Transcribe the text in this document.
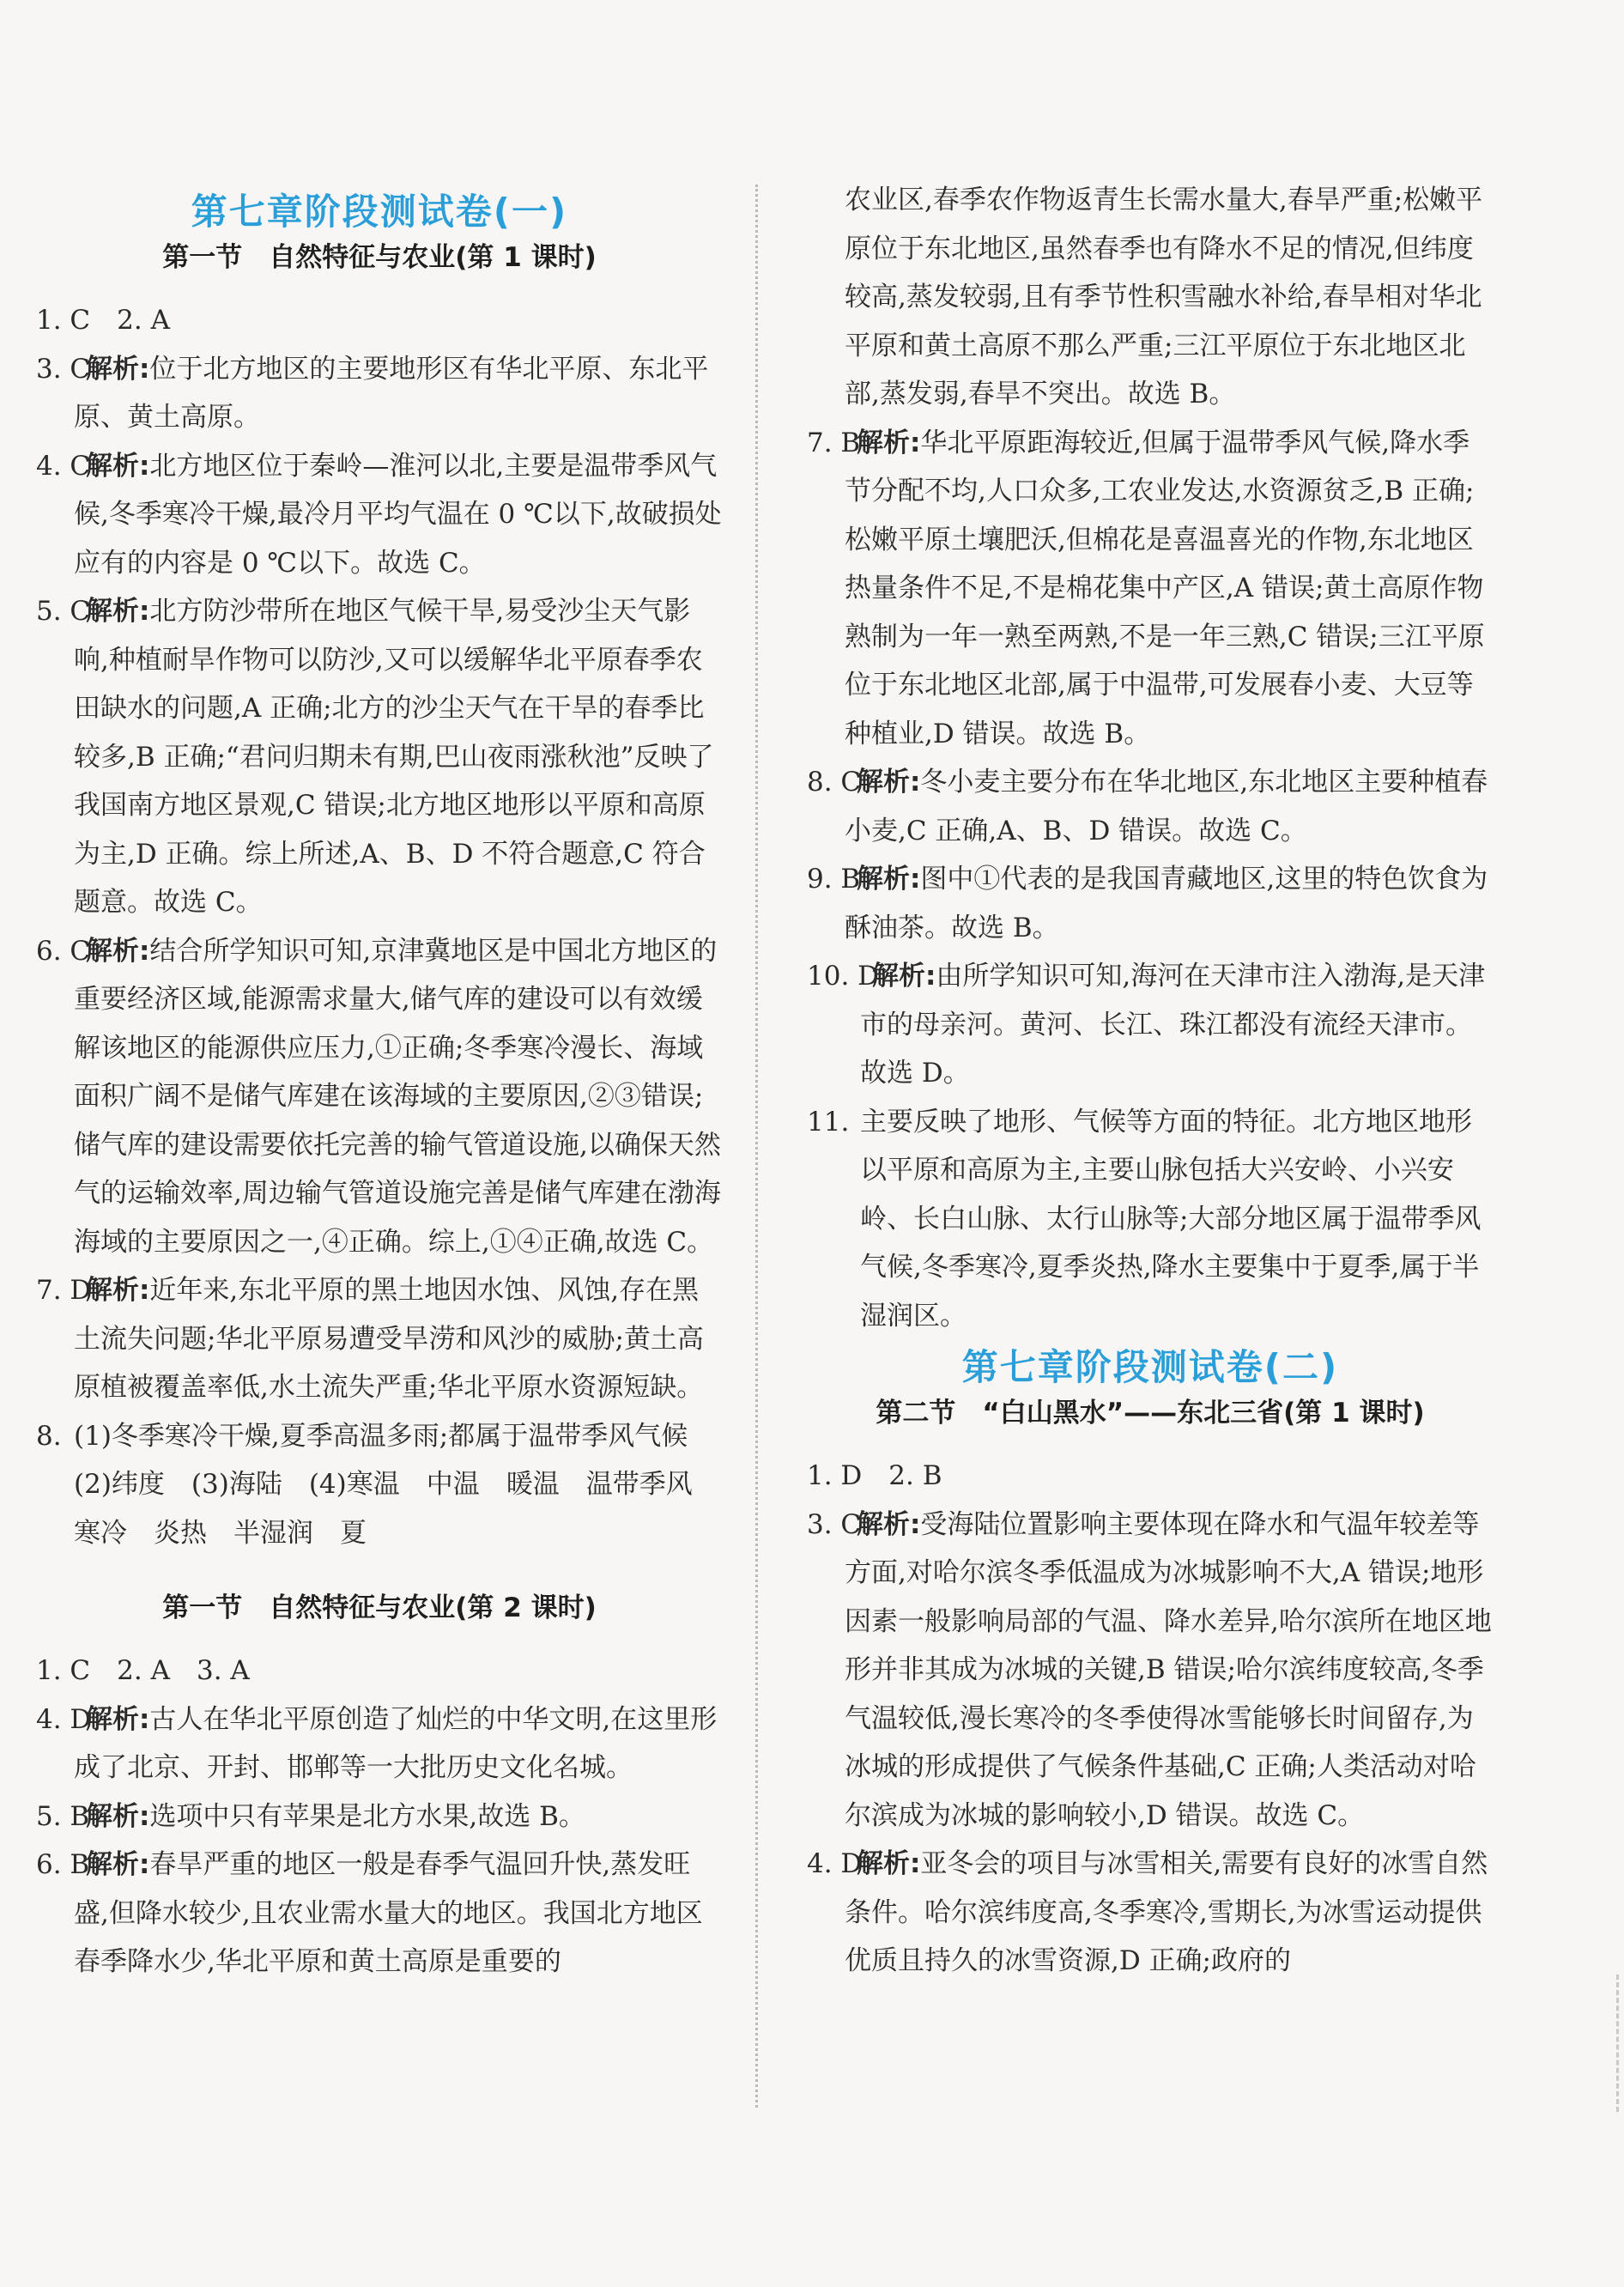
第七章阶段测试卷(一)
第一节　自然特征与农业(第 1 课时)

1. C　2. A

3. C
解析:位于北方地区的主要地形区有华北平原、东北平原、黄土高原。
4. C
解析:北方地区位于秦岭—淮河以北,主要是温带季风气候,冬季寒冷干燥,最冷月平均气温在 0 ℃以下,故破损处应有的内容是 0 ℃以下。故选 C。
5. C
解析:北方防沙带所在地区气候干旱,易受沙尘天气影响,种植耐旱作物可以防沙,又可以缓解华北平原春季农田缺水的问题,A 正确;北方的沙尘天气在干旱的春季比较多,B 正确;“君问归期未有期,巴山夜雨涨秋池”反映了我国南方地区景观,C 错误;北方地区地形以平原和高原为主,D 正确。综上所述,A、B、D 不符合题意,C 符合题意。故选 C。
6. C
解析:结合所学知识可知,京津冀地区是中国北方地区的重要经济区域,能源需求量大,储气库的建设可以有效缓解该地区的能源供应压力,①正确;冬季寒冷漫长、海域面积广阔不是储气库建在该海域的主要原因,②③错误;储气库的建设需要依托完善的输气管道设施,以确保天然气的运输效率,周边输气管道设施完善是储气库建在渤海海域的主要原因之一,④正确。综上,①④正确,故选 C。
7. D
解析:近年来,东北平原的黑土地因水蚀、风蚀,存在黑土流失问题;华北平原易遭受旱涝和风沙的威胁;黄土高原植被覆盖率低,水土流失严重;华北平原水资源短缺。
8. (1)冬季寒冷干燥,夏季高温多雨;都属于温带季风气候　(2)纬度　(3)海陆　(4)寒温　中温　暖温　温带季风　寒冷　炎热　半湿润　夏
第一节　自然特征与农业(第 2 课时)

1. C　2. A　3. A

4. D
解析:古人在华北平原创造了灿烂的中华文明,在这里形成了北京、开封、邯郸等一大批历史文化名城。
5. B
解析:选项中只有苹果是北方水果,故选 B。
6. B
解析:春旱严重的地区一般是春季气温回升快,蒸发旺盛,但降水较少,且农业需水量大的地区。我国北方地区春季降水少,华北平原和黄土高原是重要的

农业区,春季农作物返青生长需水量大,春旱严重;松嫩平原位于东北地区,虽然春季也有降水不足的情况,但纬度较高,蒸发较弱,且有季节性积雪融水补给,春旱相对华北平原和黄土高原不那么严重;三江平原位于东北地区北部,蒸发弱,春旱不突出。故选 B。

7. B
解析:华北平原距海较近,但属于温带季风气候,降水季节分配不均,人口众多,工农业发达,水资源贫乏,B 正确;松嫩平原土壤肥沃,但棉花是喜温喜光的作物,东北地区热量条件不足,不是棉花集中产区,A 错误;黄土高原作物熟制为一年一熟至两熟,不是一年三熟,C 错误;三江平原位于东北地区北部,属于中温带,可发展春小麦、大豆等种植业,D 错误。故选 B。
8. C
解析:冬小麦主要分布在华北地区,东北地区主要种植春小麦,C 正确,A、B、D 错误。故选 C。
9. B
解析:图中①代表的是我国青藏地区,这里的特色饮食为酥油茶。故选 B。
10. D
解析:由所学知识可知,海河在天津市注入渤海,是天津市的母亲河。黄河、长江、珠江都没有流经天津市。故选 D。
11. 主要反映了地形、气候等方面的特征。北方地区地形以平原和高原为主,主要山脉包括大兴安岭、小兴安岭、长白山脉、太行山脉等;大部分地区属于温带季风气候,冬季寒冷,夏季炎热,降水主要集中于夏季,属于半湿润区。
第七章阶段测试卷(二)
第二节　“白山黑水”——东北三省(第 1 课时)

1. D　2. B

3. C
解析:受海陆位置影响主要体现在降水和气温年较差等方面,对哈尔滨冬季低温成为冰城影响不大,A 错误;地形因素一般影响局部的气温、降水差异,哈尔滨所在地区地形并非其成为冰城的关键,B 错误;哈尔滨纬度较高,冬季气温较低,漫长寒冷的冬季使得冰雪能够长时间留存,为冰城的形成提供了气候条件基础,C 正确;人类活动对哈尔滨成为冰城的影响较小,D 错误。故选 C。
4. D
解析:亚冬会的项目与冰雪相关,需要有良好的冰雪自然条件。哈尔滨纬度高,冬季寒冷,雪期长,为冰雪运动提供优质且持久的冰雪资源,D 正确;政府的
